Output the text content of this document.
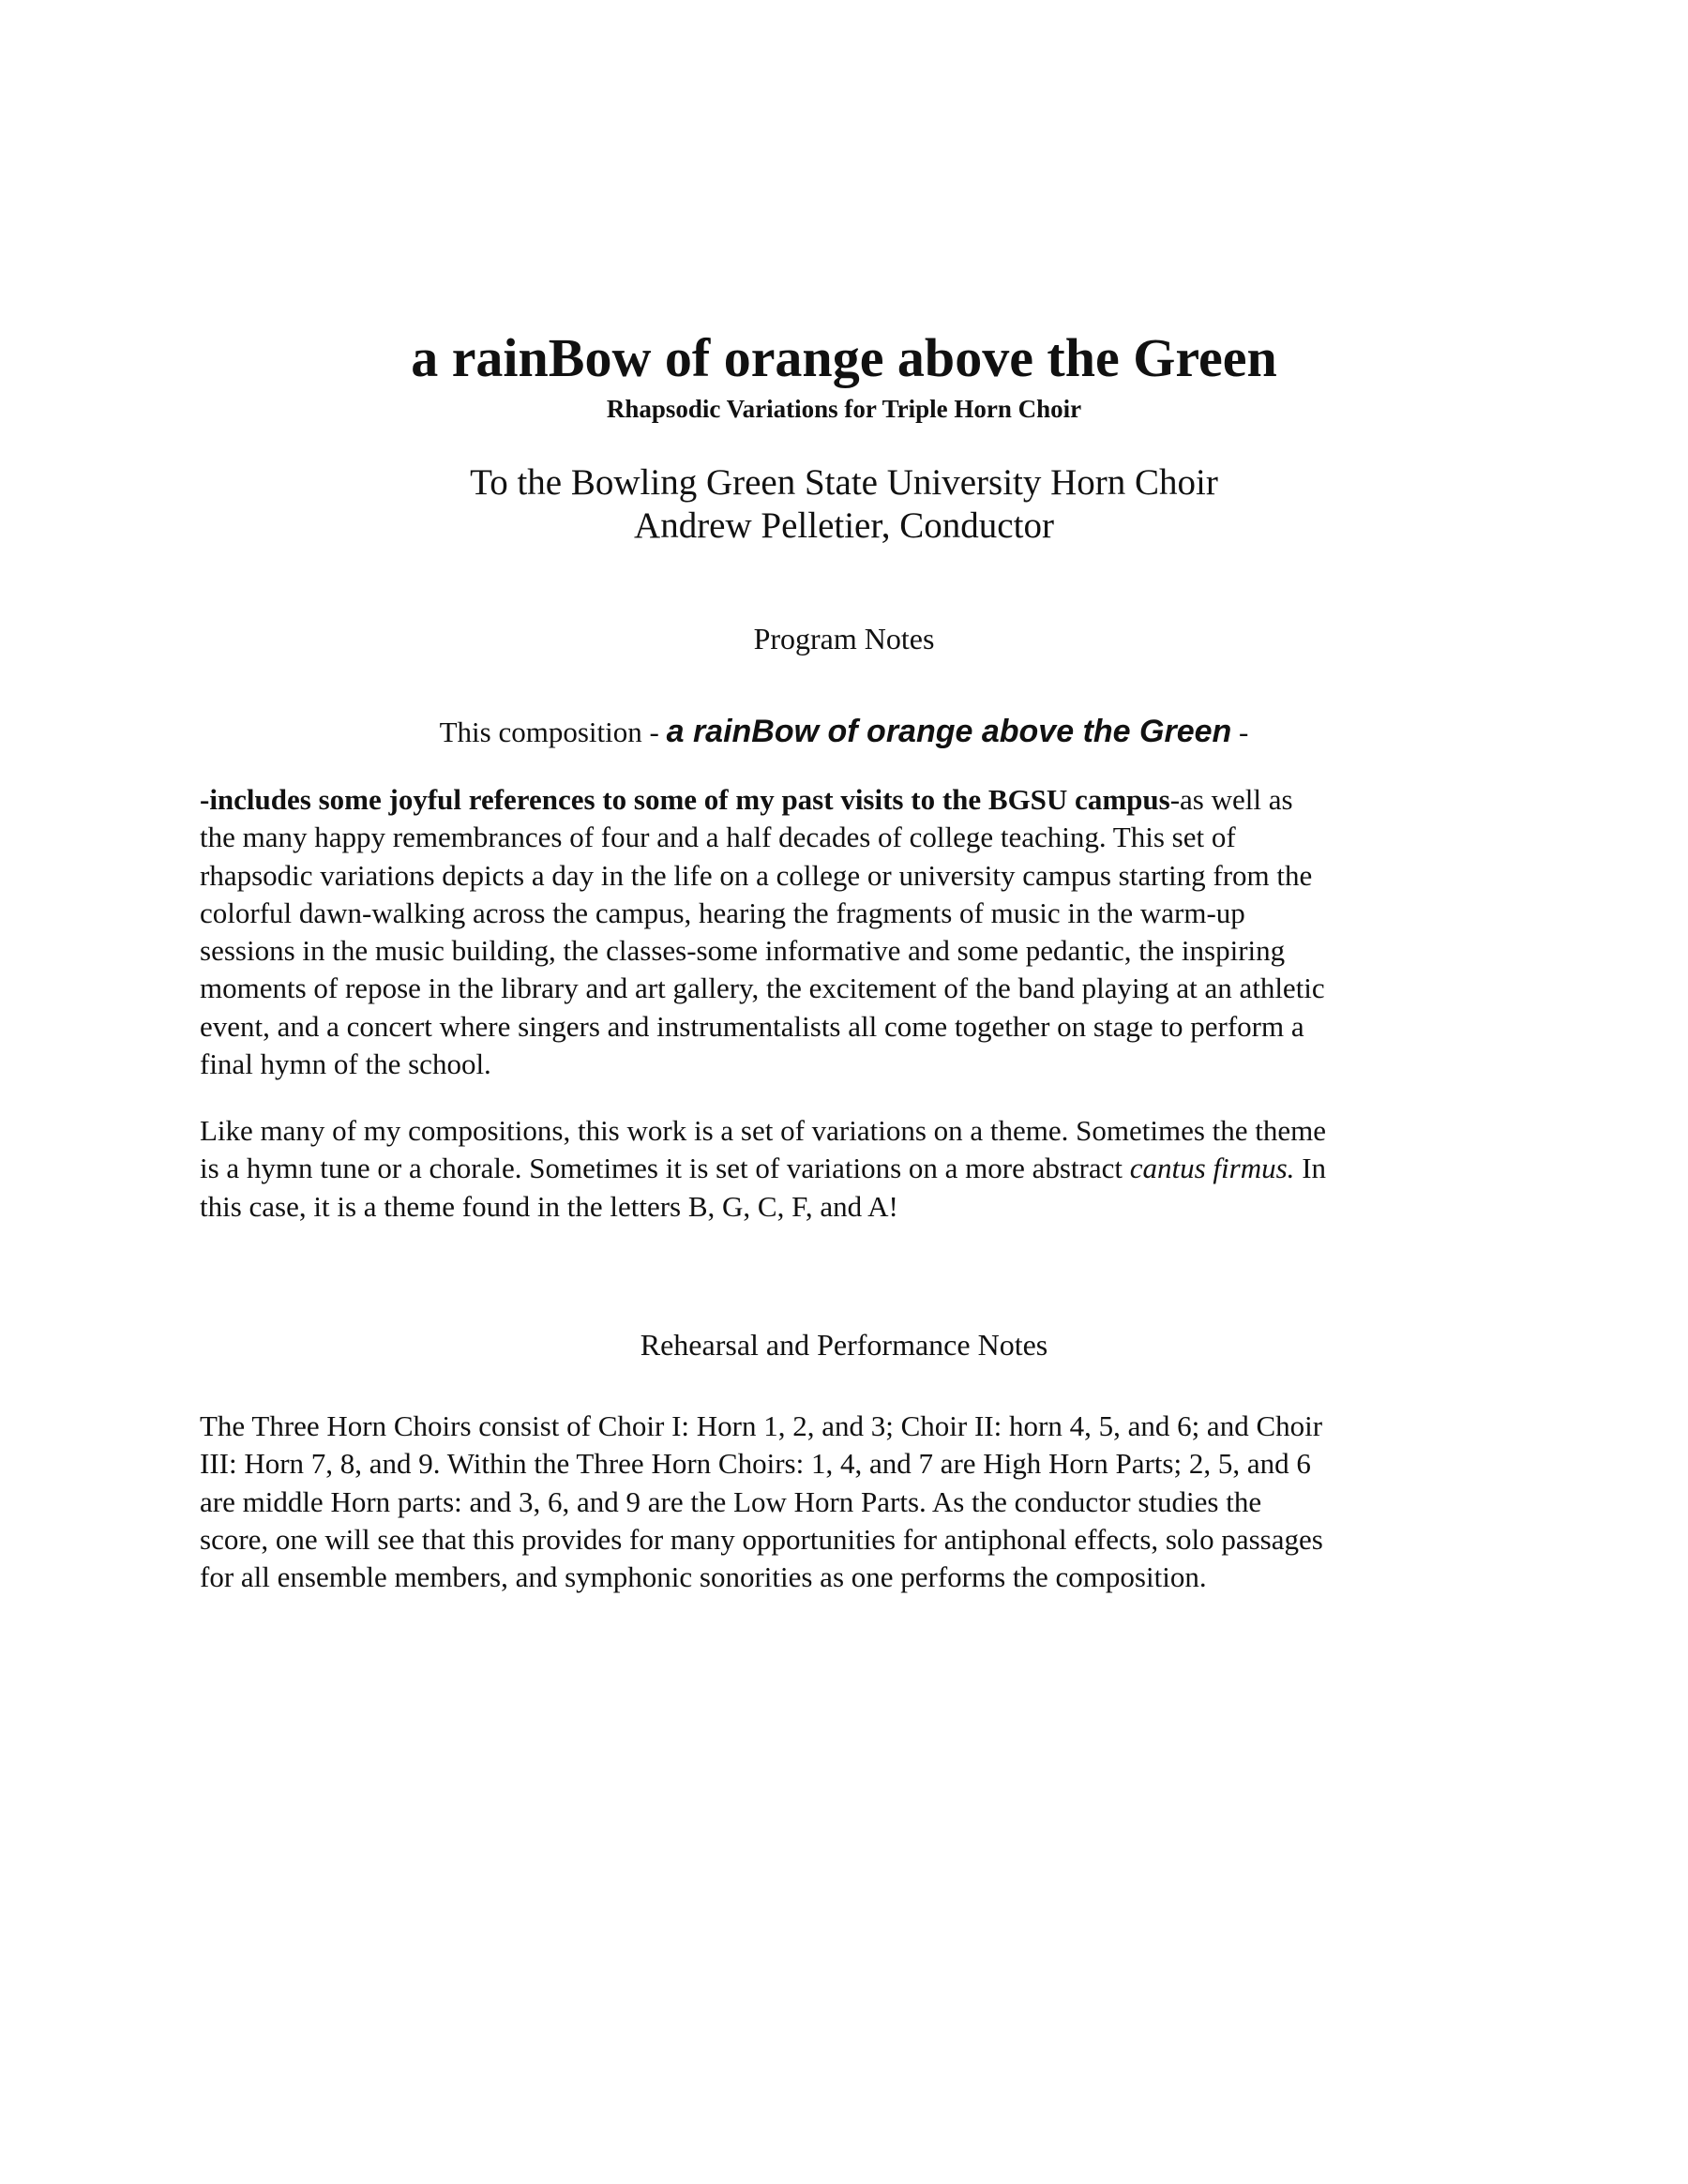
a rainBow of orange above the Green
Rhapsodic Variations for Triple Horn Choir
To the Bowling Green State University Horn Choir
Andrew Pelletier, Conductor
Program Notes
This composition - a rainBow of orange above the Green -
-includes some joyful references to some of my past visits to the BGSU campus-as well as
the many happy remembrances of four and a half decades of college teaching. This set of
rhapsodic variations depicts a day in the life on a college or university campus starting from the
colorful dawn-walking across the campus, hearing the fragments of music in the warm-up
sessions in the music building, the classes-some informative and some pedantic, the inspiring
moments of repose in the library and art gallery, the excitement of the band playing at an athletic
event, and a concert where singers and instrumentalists all come together on stage to perform a
final hymn of the school.
Like many of my compositions, this work is a set of variations on a theme. Sometimes the theme
is a hymn tune or a chorale. Sometimes it is set of variations on a more abstract cantus firmus. In
this case, it is a theme found in the letters B, G, C, F, and A!
Rehearsal and Performance Notes
The Three Horn Choirs consist of Choir I: Horn 1, 2, and 3; Choir II: horn 4, 5, and 6; and Choir
III: Horn 7, 8, and 9. Within the Three Horn Choirs: 1, 4, and 7 are High Horn Parts; 2, 5, and 6
are middle Horn parts: and 3, 6, and 9 are the Low Horn Parts. As the conductor studies the
score, one will see that this provides for many opportunities for antiphonal effects, solo passages
for all ensemble members, and symphonic sonorities as one performs the composition.
